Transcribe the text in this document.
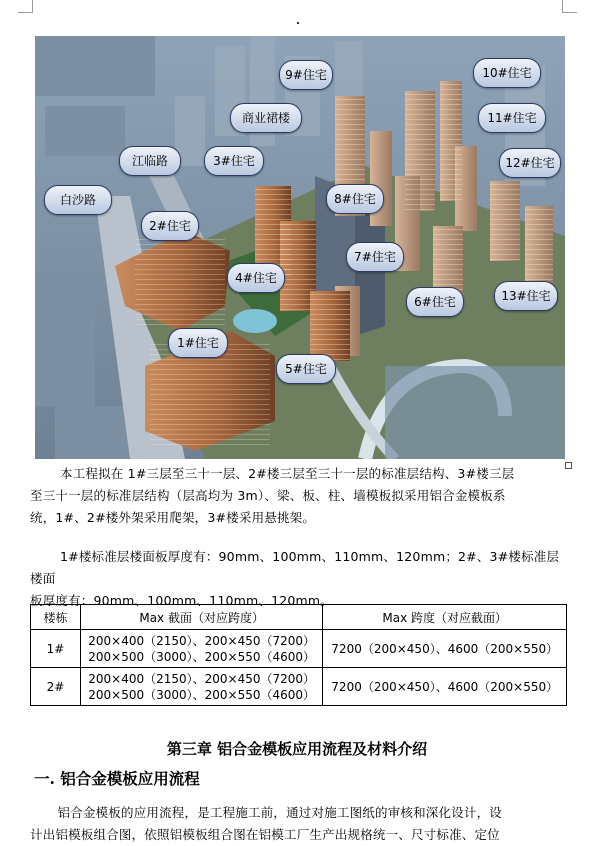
9#住宅	10#住宅
商业裙楼	11#住宅
江临路	3#住宅	12#住宅
白沙路	8#住宅
2#住宅
7#住宅
4#住宅
6#住宅	13#住宅
1#住宅
5#住宅
本工程拟在 1#三层至三十一层、2#楼三层至三十一层的标准层结构、3#楼三层
至三十一层的标准层结构（层高均为 3m）、梁、板、柱、墙模板拟采用铝合金模板系
统，1#、2#楼外架采用爬架，3#楼采用悬挑架。
1#楼标准层楼面板厚度有：90mm、100mm、110mm、120mm；2#、3#楼标准层楼面
板厚度有：90mm、100mm、110mm、120mm。
楼栋	Max 截面（对应跨度）	Max 跨度（对应截面）
1#	200×400（2150）、200×450（7200）
200×500（3000）、200×550（4600）	7200（200×450）、4600（200×550）
2#	200×400（2150）、200×450（7200）
200×500（3000）、200×550（4600）	7200（200×450）、4600（200×550）
第三章 铝合金模板应用流程及材料介绍
一. 铝合金模板应用流程
铝合金模板的应用流程，是工程施工前，通过对施工图纸的审核和深化设计，设
计出铝模板组合图，依照铝模板组合图在铝模工厂生产出规格统一、尺寸标准、定位
